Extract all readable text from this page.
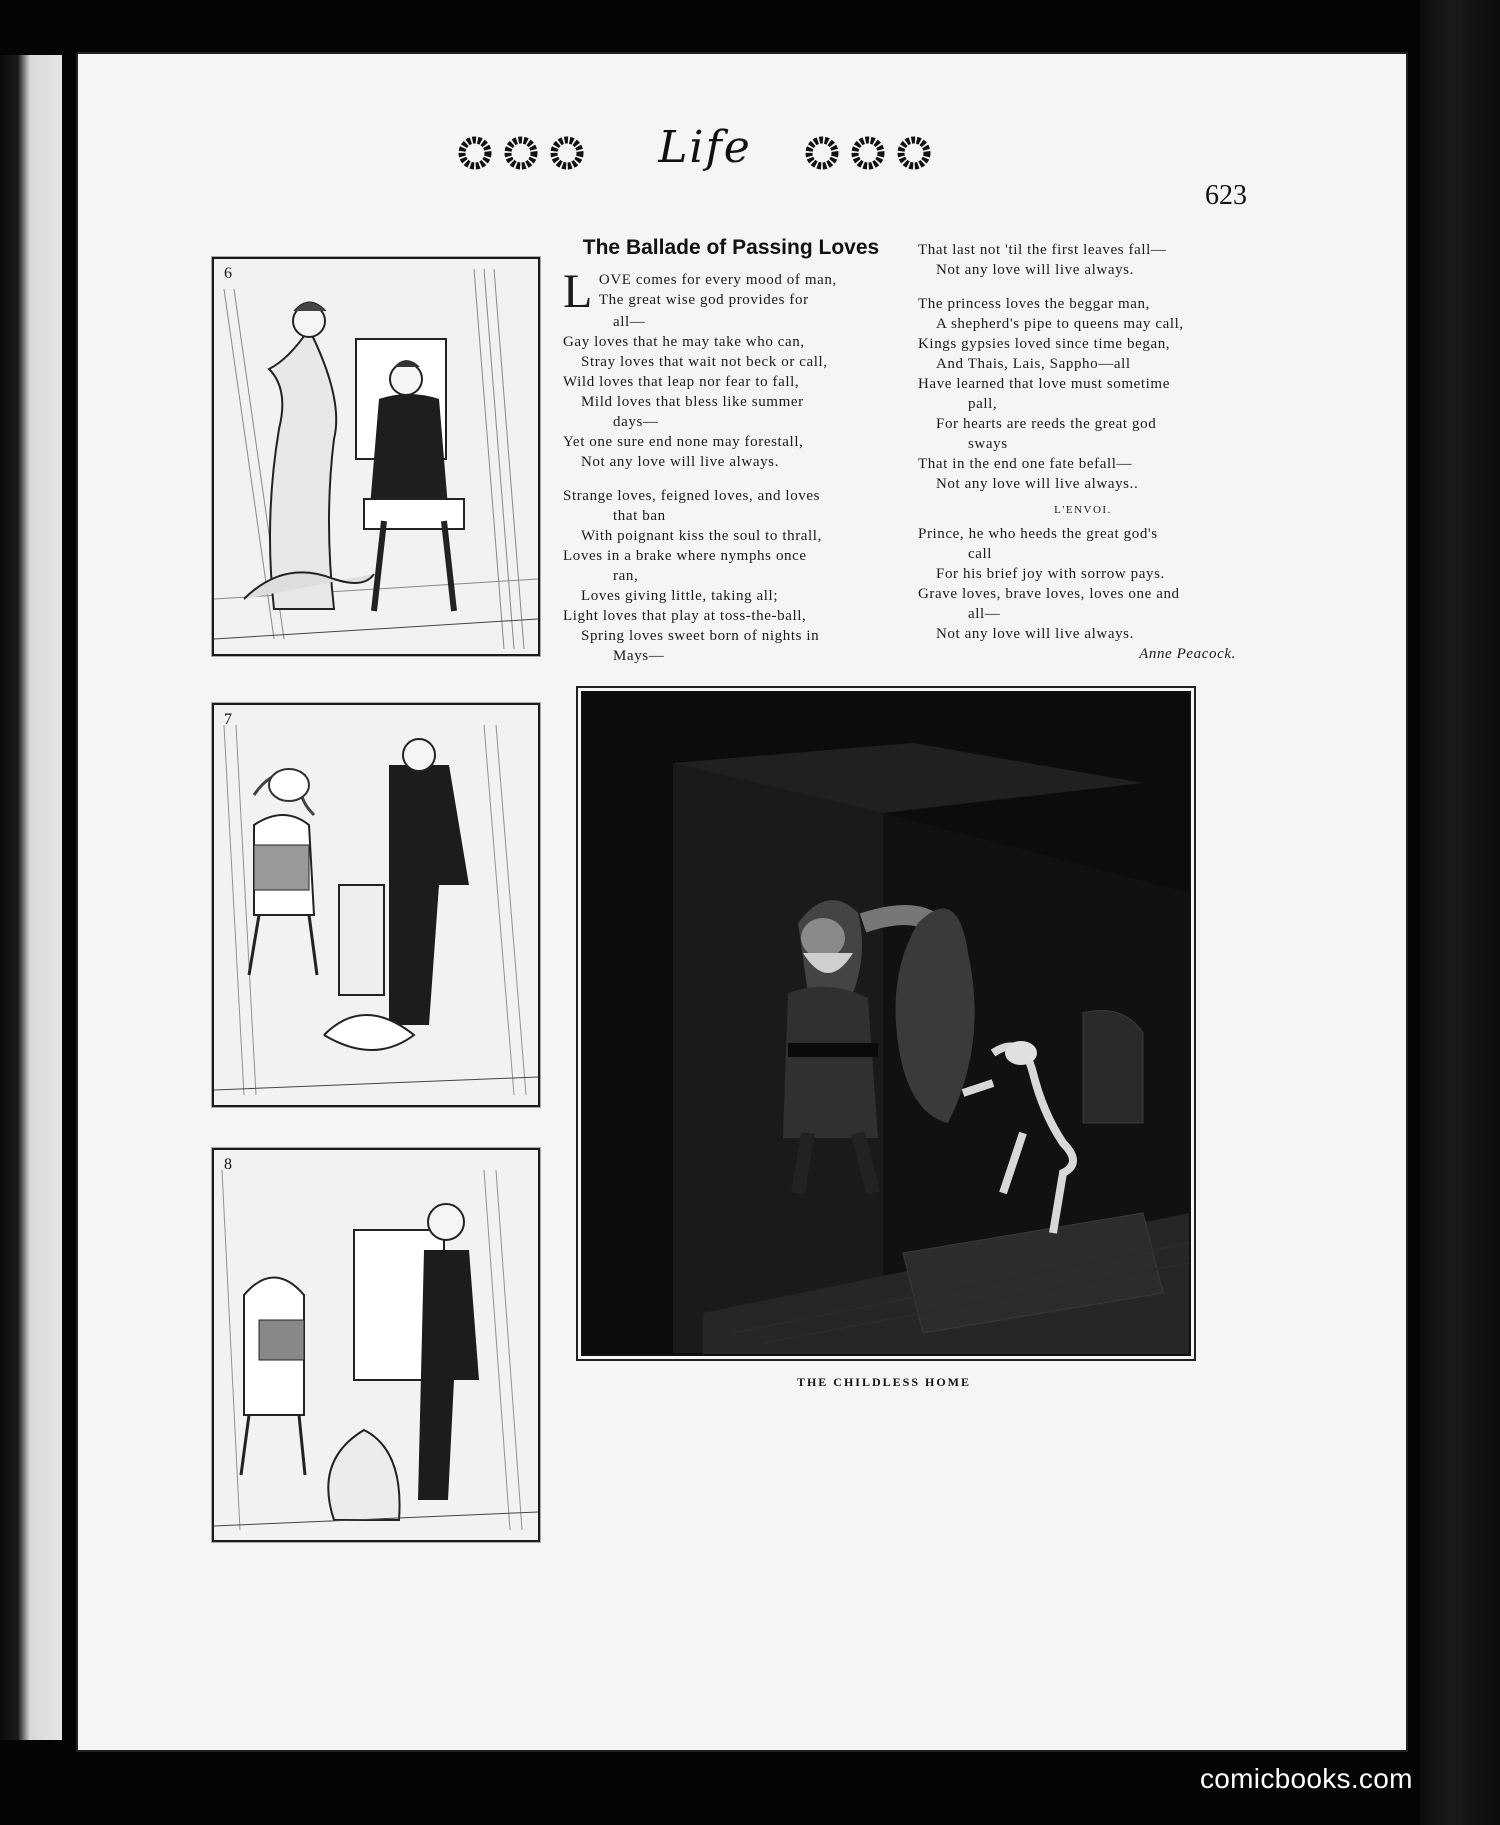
Life
623
6
7
8
The Ballade of Passing Loves
L OVE comes for every mood of man,
The great wise god provides for
all—
Gay loves that he may take who can,
Stray loves that wait not beck or call,
Wild loves that leap nor fear to fall,
Mild loves that bless like summer
days—
Yet one sure end none may forestall,
Not any love will live always.
Strange loves, feigned loves, and loves
that ban
With poignant kiss the soul to thrall,
Loves in a brake where nymphs once
ran,
Loves giving little, taking all;
Light loves that play at toss-the-ball,
Spring loves sweet born of nights in
Mays—
That last not 'til the first leaves fall—
Not any love will live always.
The princess loves the beggar man,
A shepherd's pipe to queens may call,
Kings gypsies loved since time began,
And Thais, Lais, Sappho—all
Have learned that love must sometime
pall,
For hearts are reeds the great god
sways
That in the end one fate befall—
Not any love will live always..
L'ENVOI.
Prince, he who heeds the great god's
call
For his brief joy with sorrow pays.
Grave loves, brave loves, loves one and
all—
Not any love will live always.
Anne Peacock.
THE CHILDLESS HOME
comicbooks.com
